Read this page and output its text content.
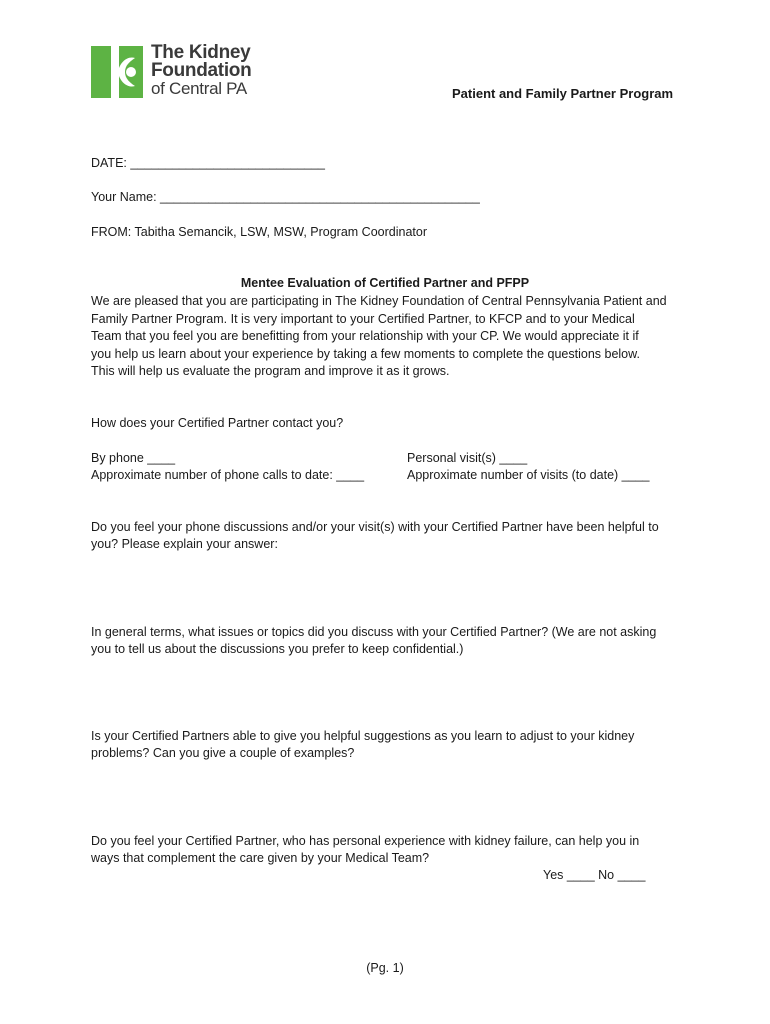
The Kidney
Foundation
of Central PA	Patient and Family Partner Program
DATE: ____________________________
Your Name: ______________________________________________
FROM: Tabitha Semancik, LSW, MSW, Program Coordinator
Mentee Evaluation of Certified Partner and PFPP
We are pleased that you are participating in The Kidney Foundation of Central Pennsylvania Patient and
Family Partner Program. It is very important to your Certified Partner, to KFCP and to your Medical
Team that you feel you are benefitting from your relationship with your CP. We would appreciate it if
you help us learn about your experience by taking a few moments to complete the questions below.
This will help us evaluate the program and improve it as it grows.
How does your Certified Partner contact you?
By phone ____
Approximate number of phone calls to date: ____
Personal visit(s) ____
Approximate number of visits (to date) ____
Do you feel your phone discussions and/or your visit(s) with your Certified Partner have been helpful to
you? Please explain your answer:
In general terms, what issues or topics did you discuss with your Certified Partner? (We are not asking
you to tell us about the discussions you prefer to keep confidential.)
Is your Certified Partners able to give you helpful suggestions as you learn to adjust to your kidney
problems? Can you give a couple of examples?
Do you feel your Certified Partner, who has personal experience with kidney failure, can help you in
ways that complement the care given by your Medical Team?
Yes ____ No ____
(Pg. 1)
